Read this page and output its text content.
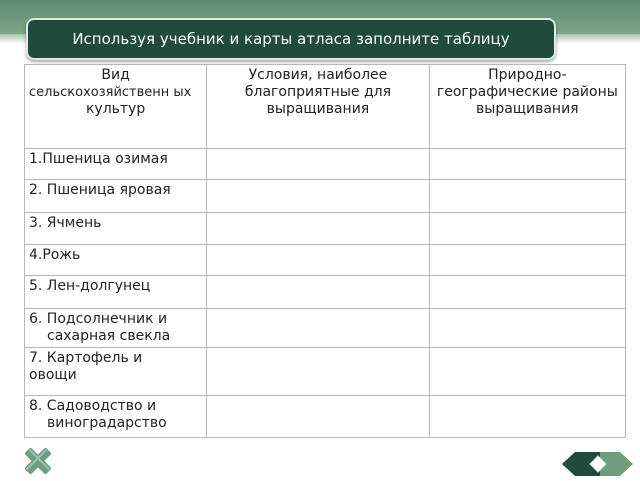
Используя учебник и карты атласа заполните таблицу
Вид
сельскохозяйственн ых
культур	Условия, наиболее благоприятные для выращивания	Природно-географические районы выращивания
1.Пшеница озимая		
2. Пшеница яровая		
3. Ячмень		
4.Рожь		
5. Лен-долгунец		
6. Подсолнечник и
сахарная свекла		

7. Картофель и
овощи		
8. Садоводство и
виноградарство		
